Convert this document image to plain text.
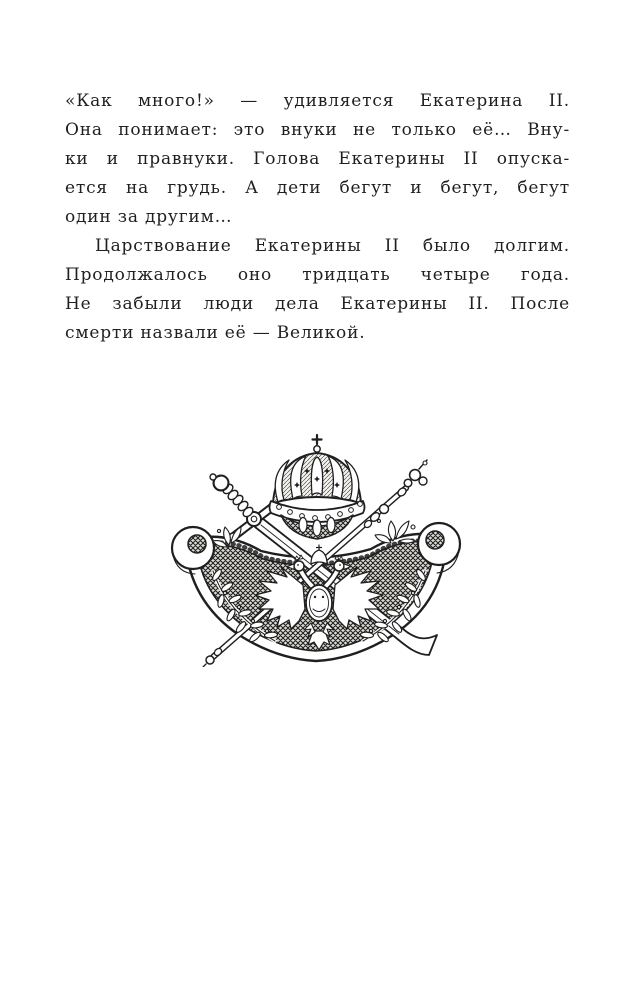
«Как много!» — удивляется Екатерина II.
Она понимает: это внуки не только её… Вну-
ки и правнуки. Голова Екатерины II опуска-
ется на грудь. А дети бегут и бегут, бегут
один за другим…
Царствование Екатерины II было долгим.
Продолжалось оно тридцать четыре года.
Не забыли люди дела Екатерины II. После
смерти назвали её — Великой.
